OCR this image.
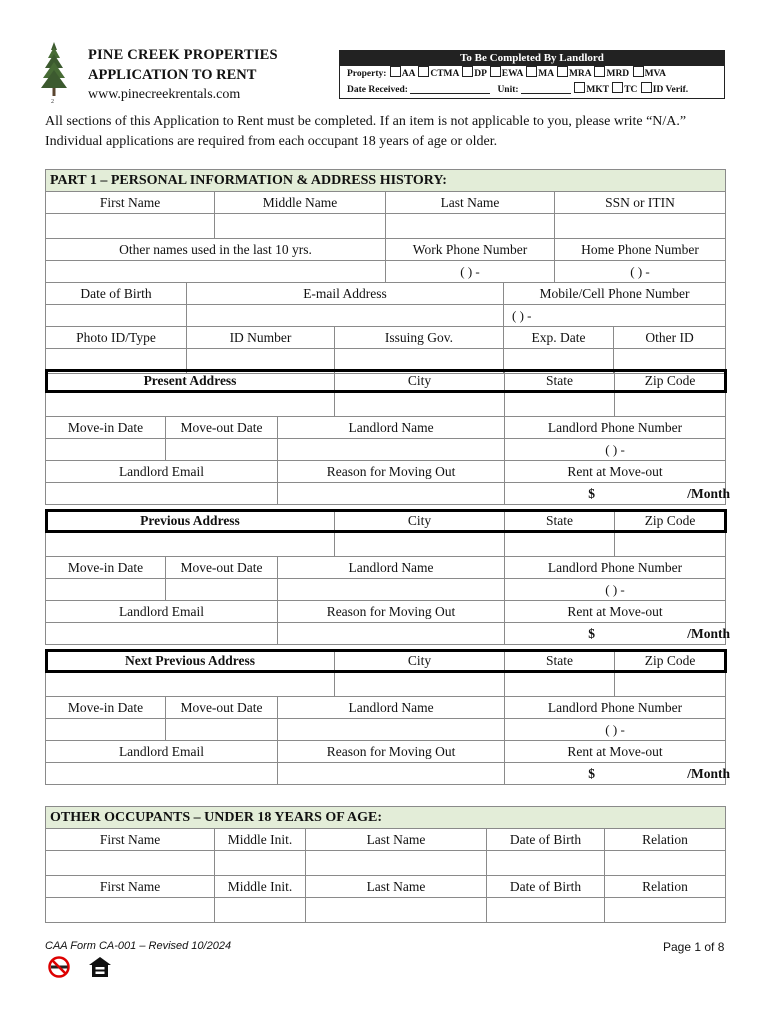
2
PINE CREEK PROPERTIES
APPLICATION TO RENT
www.pinecreekrentals.com
To Be Completed By Landlord
Property: AA CTMA DP EWA MA MRA MRD MVA
Date Received:	Unit:	MKT TC ID Verif.
All sections of this Application to Rent must be completed. If an item is not applicable to you, please write “N/A.”
Individual applications are required from each occupant 18 years of age or older.
PART 1 – PERSONAL INFORMATION & ADDRESS HISTORY:							
First Name		Middle Name		Last Name		SSN or ITIN	

Other names used in the last 10 yrs.				Work Phone Number		Home Phone Number	
				( ) -		( ) -	
Date of Birth	E-mail Address				Mobile/Cell Phone Number		
					( ) -		
Photo ID/Type	ID Number		Issuing Gov.		Exp. Date		Other ID

Present Address			City	State	Zip Code

Move-in Date	Move-out Date	Landlord Name		Landlord Phone Number	
				( ) -	
Landlord Email		Reason for Moving Out		Rent at Move-out	
				$ /Month	
Previous Address			City	State	Zip Code

Move-in Date	Move-out Date	Landlord Name		Landlord Phone Number	
				( ) -	
Landlord Email		Reason for Moving Out		Rent at Move-out	
				$ /Month	
Next Previous Address			City	State	Zip Code

Move-in Date	Move-out Date	Landlord Name		Landlord Phone Number	
				( ) -	
Landlord Email		Reason for Moving Out		Rent at Move-out	
				$ /Month	
OTHER OCCUPANTS – UNDER 18 YEARS OF AGE:				
First Name	Middle Init.	Last Name	Date of Birth	Relation

First Name	Middle Init.	Last Name	Date of Birth	Relation

CAA Form CA-001 – Revised 10/2024	Page 1 of 8
